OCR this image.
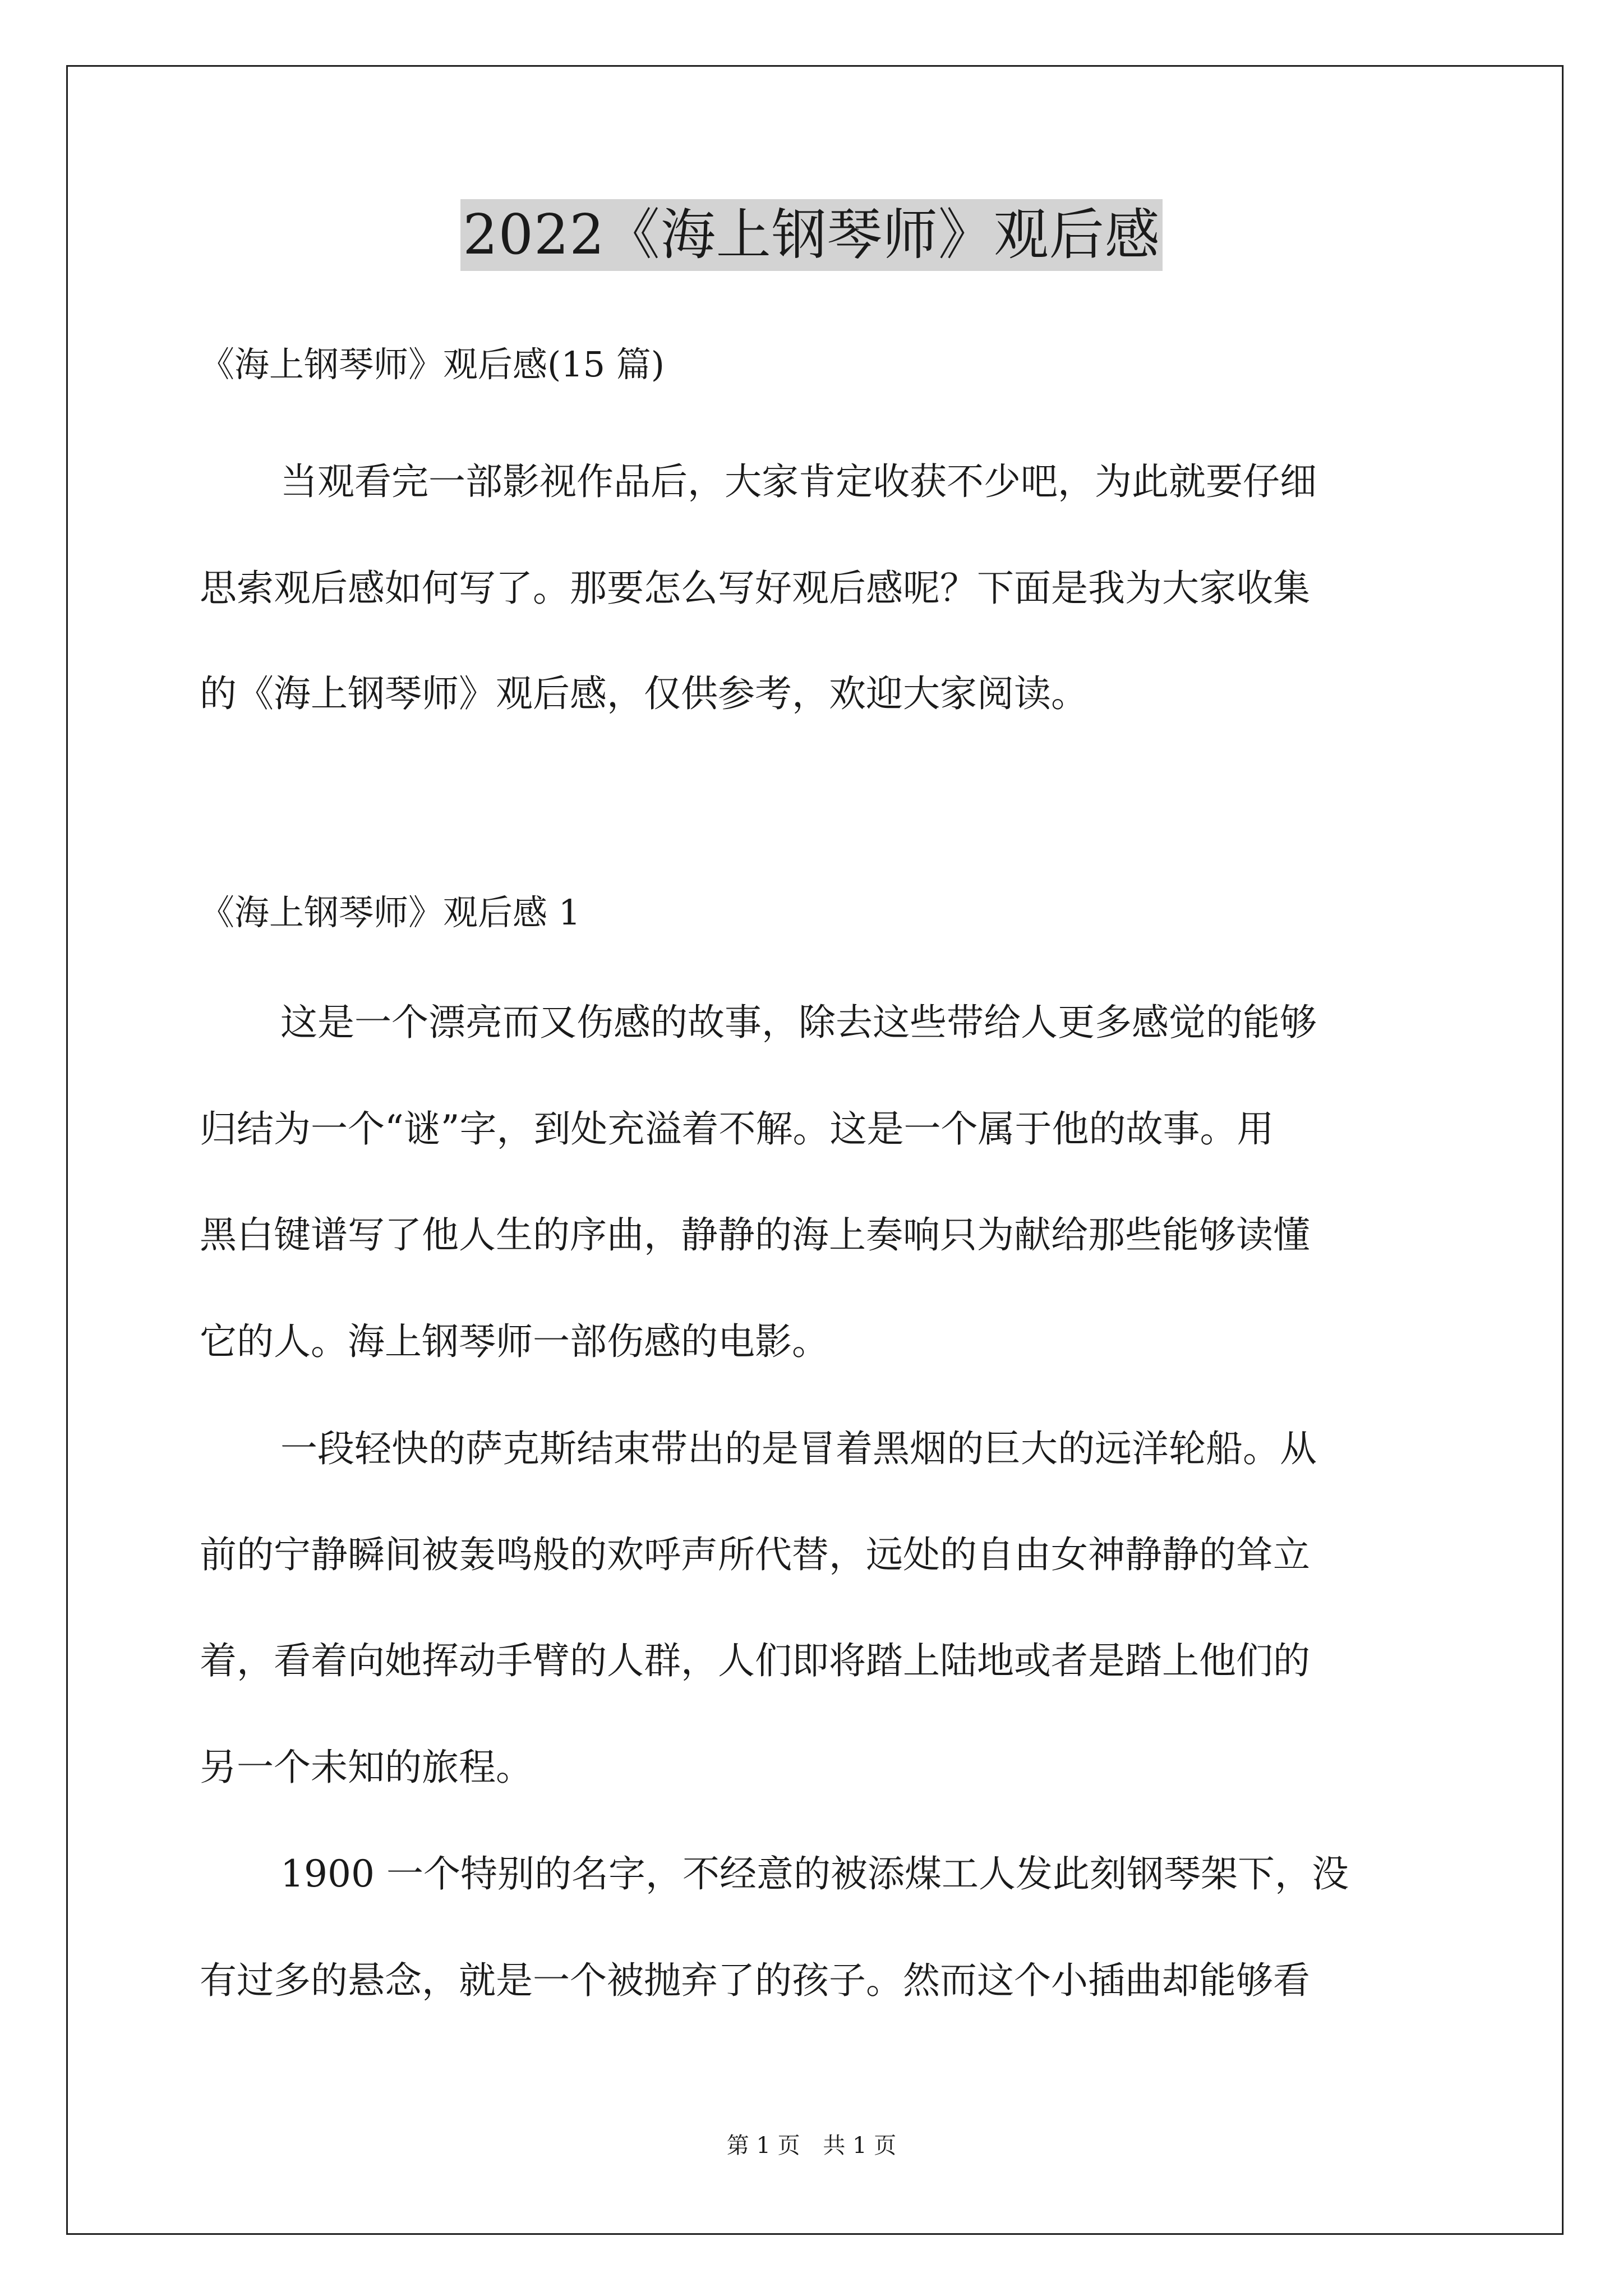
2022《海上钢琴师》观后感
《海上钢琴师》观后感(15 篇)
当观看完一部影视作品后，大家肯定收获不少吧，为此就要仔细
思索观后感如何写了。那要怎么写好观后感呢？下面是我为大家收集
的《海上钢琴师》观后感，仅供参考，欢迎大家阅读。
《海上钢琴师》观后感 1
这是一个漂亮而又伤感的故事，除去这些带给人更多感觉的能够
归结为一个“谜”字，到处充溢着不解。这是一个属于他的故事。用
黑白键谱写了他人生的序曲，静静的海上奏响只为献给那些能够读懂
它的人。海上钢琴师一部伤感的电影。
一段轻快的萨克斯结束带出的是冒着黑烟的巨大的远洋轮船。从
前的宁静瞬间被轰鸣般的欢呼声所代替，远处的自由女神静静的耸立
着，看着向她挥动手臂的人群，人们即将踏上陆地或者是踏上他们的
另一个未知的旅程。
1900 一个特别的名字，不经意的被添煤工人发此刻钢琴架下，没
有过多的悬念，就是一个被抛弃了的孩子。然而这个小插曲却能够看
第 1 页 共 1 页
